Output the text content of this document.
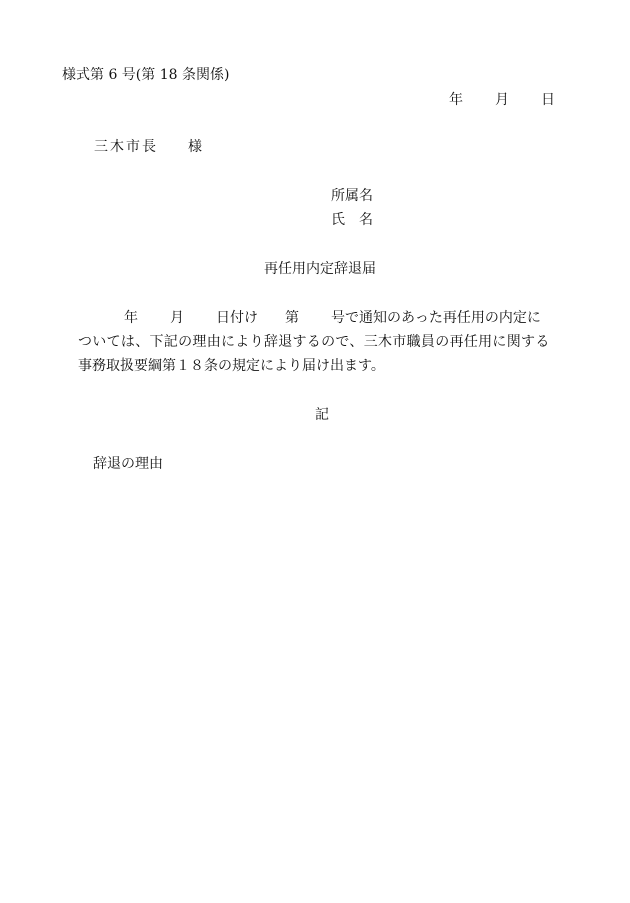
様式第 6 号(第 18 条関係)
年 月 日
三木市長 様
所属名
氏　名
再任用内定辞退届
年 月 日付け 第 号で通知のあった再任用の内定に
ついては、下記の理由により辞退するので、三木市職員の再任用に関する
事務取扱要綱第１８条の規定により届け出ます。
記
辞退の理由
